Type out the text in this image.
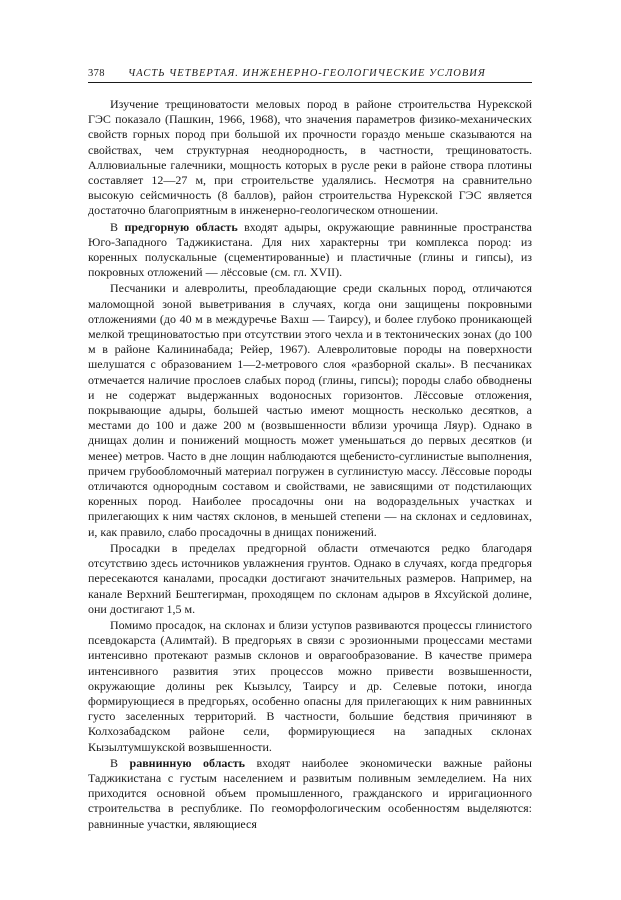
378	ЧАСТЬ ЧЕТВЕРТАЯ. ИНЖЕНЕРНО-ГЕОЛОГИЧЕСКИЕ УСЛОВИЯ

Изучение трещиноватости меловых пород в районе строительства Нурекской ГЭС показало (Пашкин, 1966, 1968), что значения параметров физико-механических свойств горных пород при большой их прочности гораздо меньше сказываются на свойствах, чем структурная неоднородность, в частности, трещиноватость. Аллювиальные галечники, мощность которых в русле реки в районе створа плотины составляет 12—27 м, при строительстве удалялись. Несмотря на сравнительно высокую сейсмичность (8 баллов), район строительства Нурекской ГЭС является достаточно благоприятным в инженерно-геологическом отношении.

В предгорную область входят адыры, окружающие равнинные пространства Юго-Западного Таджикистана. Для них характерны три комплекса пород: из коренных полускальные (сцементированные) и пластичные (глины и гипсы), из покровных отложений — лёссовые (см. гл. XVII).

Песчаники и алевролиты, преобладающие среди скальных пород, отличаются маломощной зоной выветривания в случаях, когда они защищены покровными отложениями (до 40 м в междуречье Вахш — Таирсу), и более глубоко проникающей мелкой трещиноватостью при отсутствии этого чехла и в тектонических зонах (до 100 м в районе Калининабада; Рейер, 1967). Алевролитовые породы на поверхности шелушатся с образованием 1—2-метрового слоя «разборной скалы». В песчаниках отмечается наличие прослоев слабых пород (глины, гипсы); породы слабо обводнены и не содержат выдержанных водоносных горизонтов. Лёссовые отложения, покрывающие адыры, большей частью имеют мощность несколько десятков, а местами до 100 и даже 200 м (возвышенности вблизи урочища Ляур). Однако в днищах долин и понижений мощность может уменьшаться до первых десятков (и менее) метров. Часто в дне лощин наблюдаются щебенисто-суглинистые выполнения, причем грубообломочный материал погружен в суглинистую массу. Лёссовые породы отличаются однородным составом и свойствами, не зависящими от подстилающих коренных пород. Наиболее просадочны они на водораздельных участках и прилегающих к ним частях склонов, в меньшей степени — на склонах и седловинах, и, как правило, слабо просадочны в днищах понижений.

Просадки в пределах предгорной области отмечаются редко благодаря отсутствию здесь источников увлажнения грунтов. Однако в случаях, когда предгорья пересекаются каналами, просадки достигают значительных размеров. Например, на канале Верхний Бештегирман, проходящем по склонам адыров в Яхсуйской долине, они достигают 1,5 м.

Помимо просадок, на склонах и близи уступов развиваются процессы глинистого псевдокарста (Алимтай). В предгорьях в связи с эрозионными процессами местами интенсивно протекают размыв склонов и оврагообразование. В качестве примера интенсивного развития этих процессов можно привести возвышенности, окружающие долины рек Кызылсу, Таирсу и др. Селевые потоки, иногда формирующиеся в предгорьях, особенно опасны для прилегающих к ним равнинных густо заселенных территорий. В частности, большие бедствия причиняют в Колхозабадском районе сели, формирующиеся на западных склонах Кызылтумшукской возвышенности.

В равнинную область входят наиболее экономически важные районы Таджикистана с густым населением и развитым поливным земледелием. На них приходится основной объем промышленного, гражданского и ирригационного строительства в республике. По геоморфологическим особенностям выделяются: равнинные участки, являющиеся
